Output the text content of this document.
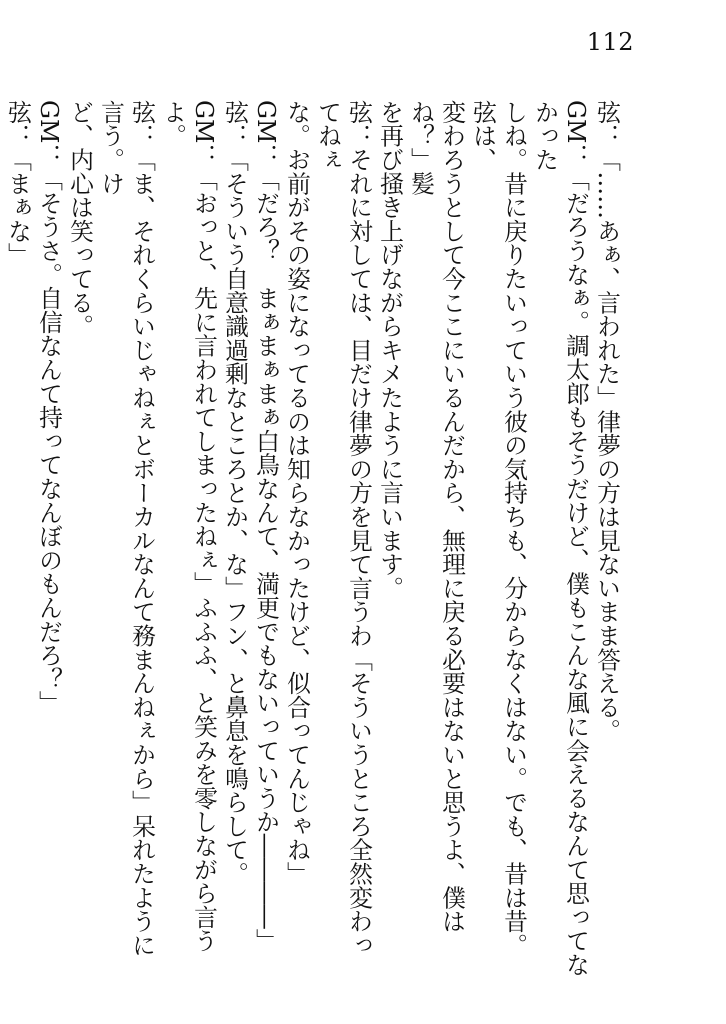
112
弦：「……あぁ、言われた」律夢の方は見ないまま答える。
GM：「だろうなぁ。調太郎もそうだけど、僕もこんな風に会えるなんて思ってなかった
しね。昔に戻りたいっていう彼の気持ちも、分からなくはない。でも、昔は昔。弦は、
変わろうとして今ここにいるんだから、無理に戻る必要はないと思うよ、僕はね？」髪
を再び掻き上げながらキメたように言います。
弦：それに対しては、目だけ律夢の方を見て言うわ「そういうところ全然変わってねぇ
な。お前がその姿になってるのは知らなかったけど、似合ってんじゃね」
GM：「だろ？　まぁまぁまぁ白鳥なんて、満更でもないっていうか――――」
弦：「そういう自意識過剰なところとか、な」フン、と鼻息を鳴らして。
GM：「おっと、先に言われてしまったねぇ」ふふふ、と笑みを零しながら言うよ。
弦：「ま、それくらいじゃねぇとボーカルなんて務まんねぇから」呆れたように言う。け
ど、内心は笑ってる。
GM：「そうさ。自信なんて持ってなんぼのもんだろ？」
弦：「まぁな」
